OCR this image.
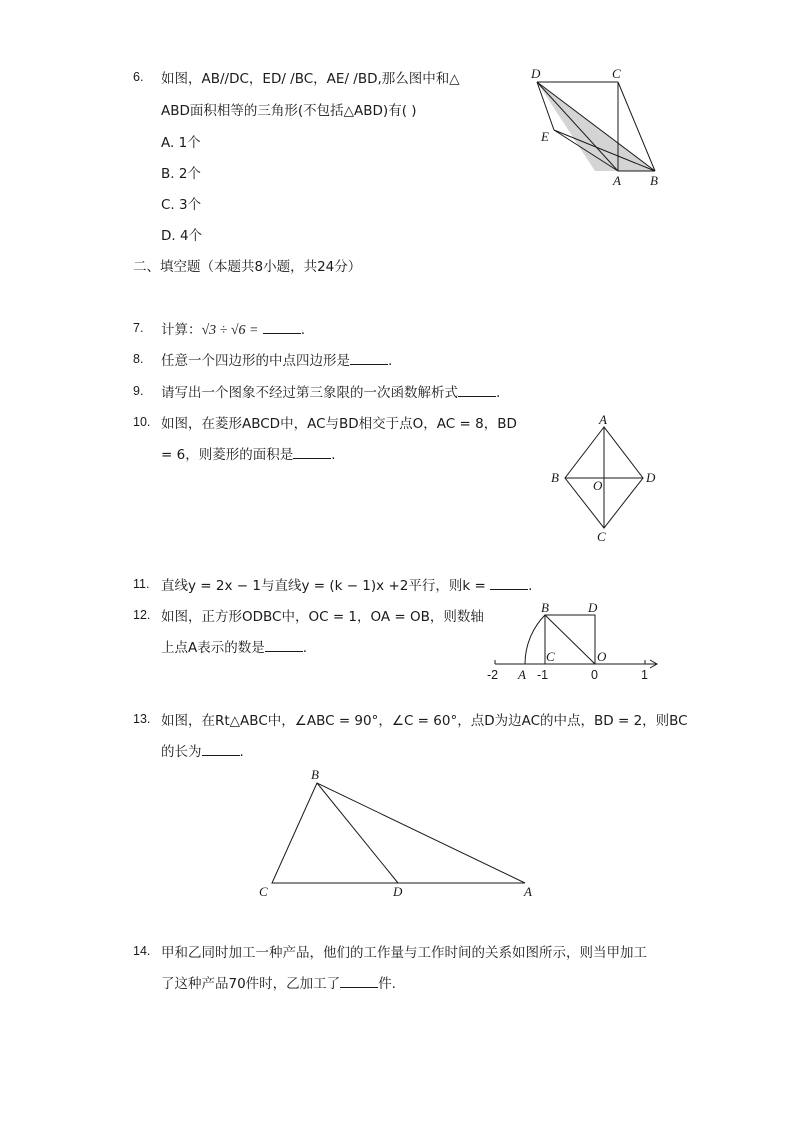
6. 如图，AB//DC，ED/ /BC，AE/ /BD,那么图中和△
ABD面积相等的三角形(不包括△ABD)有( )
A. 1个
B. 2个
C. 3个
D. 4个
D	C
E
A B
二、填空题（本题共8小题，共24分）
7. 计算：√3 ÷ √6 =	.
8. 任意一个四边形的中点四边形是	.
9. 请写出一个图象不经过第三象限的一次函数解析式	.
10. 如图，在菱形ABCD中，AC与BD相交于点O，AC = 8，BD
= 6，则菱形的面积是	.
A
B	D
O
C
11. 直线y = 2x − 1与直线y = (k − 1)x +2平行，则k =	.
12. 如图，正方形ODBC中，OC = 1，OA = OB，则数轴
上点A表示的数是	.
B	D
C	O
A
-2	-1	0	1
13. 如图，在Rt△ABC中，∠ABC = 90°，∠C = 60°，点D为边AC的中点，BD = 2，则BC
的长为	.
B
C	D	A
14. 甲和乙同时加工一种产品，他们的工作量与工作时间的关系如图所示，则当甲加工
了这种产品70件时，乙加工了	件.
